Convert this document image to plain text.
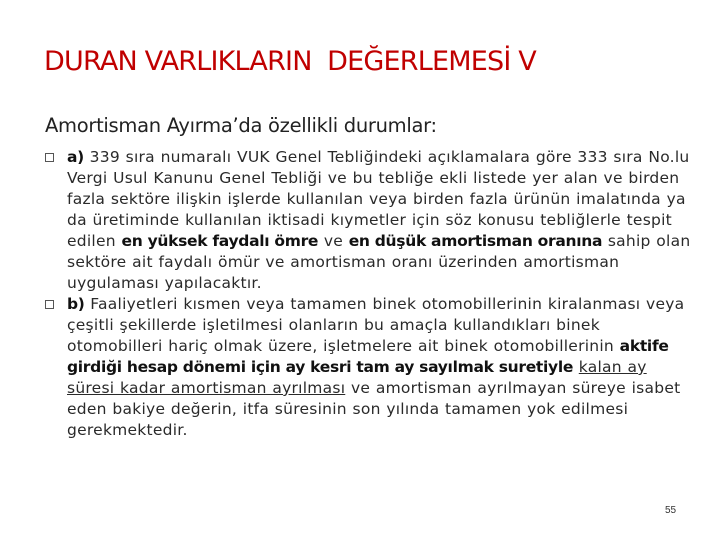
DURAN VARLIKLARIN  DEĞERLEMESİ V
Amortisman Ayırma’da özellikli durumlar:
a) 339 sıra numaralı VUK Genel Tebliğindeki açıklamalara göre 333 sıra No.lu Vergi Usul Kanunu Genel Tebliği ve bu tebliğe ekli listede yer alan ve birden fazla sektöre ilişkin işlerde kullanılan veya birden fazla ürünün imalatında ya da üretiminde kullanılan iktisadi kıymetler için söz konusu tebliğlerle tespit edilen en yüksek faydalı ömre ve en düşük amortisman oranına sahip olan sektöre ait faydalı ömür ve amortisman oranı üzerinden amortisman uygulaması yapılacaktır.
b) Faaliyetleri kısmen veya tamamen binek otomobillerinin kiralanması veya çeşitli şekillerde işletilmesi olanların bu amaçla kullandıkları binek otomobilleri hariç olmak üzere, işletmelere ait binek otomobillerinin aktife girdiği hesap dönemi için ay kesri tam ay sayılmak suretiyle kalan ay süresi kadar amortisman ayrılması ve amortisman ayrılmayan süreye isabet eden bakiye değerin, itfa süresinin son yılında tamamen yok edilmesi gerekmektedir.
55
